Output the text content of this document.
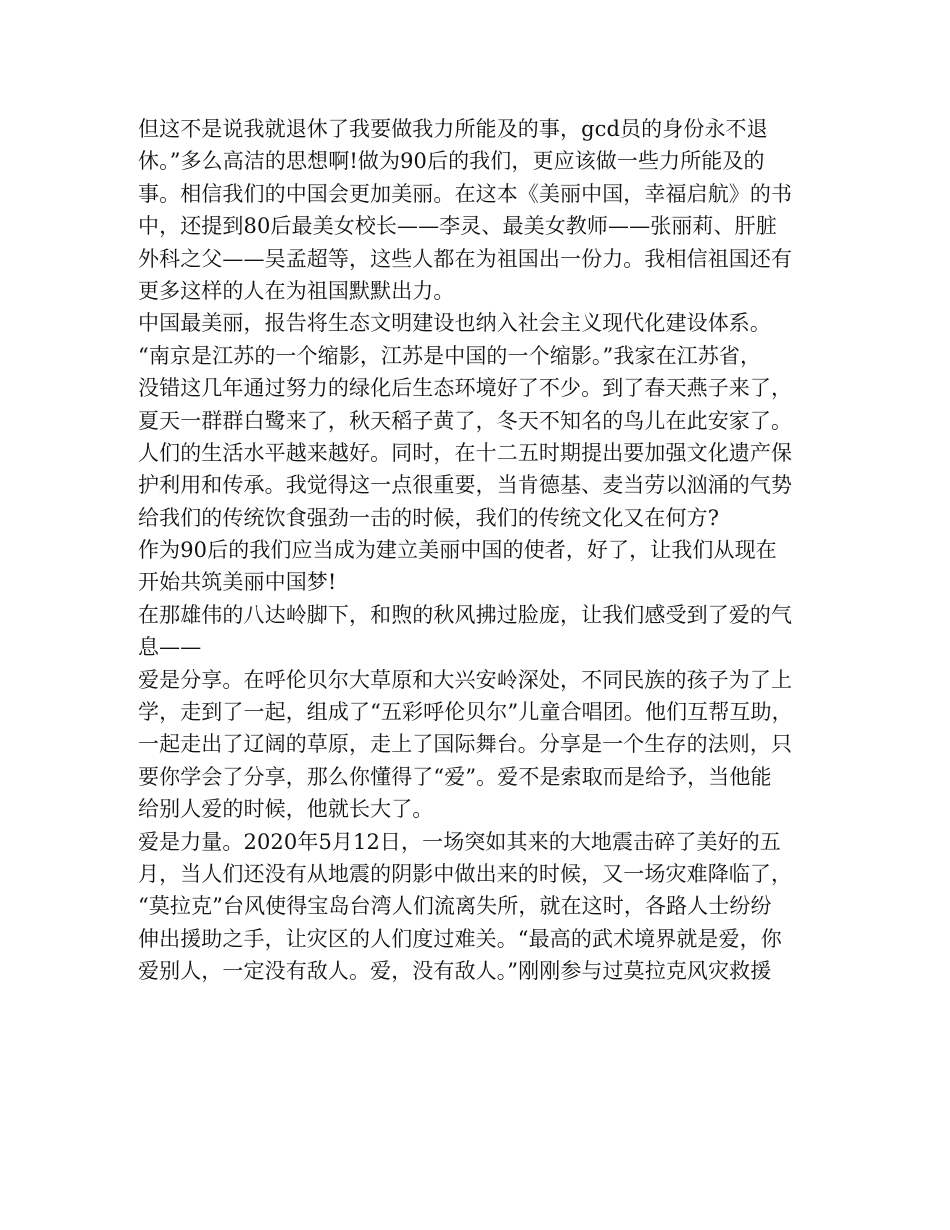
但这不是说我就退休了我要做我力所能及的事，gcd员的身份永不退
休。”多么高洁的思想啊!做为90后的我们，更应该做一些力所能及的
事。相信我们的中国会更加美丽。在这本《美丽中国，幸福启航》的书
中，还提到80后最美女校长——李灵、最美女教师——张丽莉、肝脏
外科之父——吴孟超等，这些人都在为祖国出一份力。我相信祖国还有
更多这样的人在为祖国默默出力。
中国最美丽，报告将生态文明建设也纳入社会主义现代化建设体系。
“南京是江苏的一个缩影，江苏是中国的一个缩影。”我家在江苏省，
没错这几年通过努力的绿化后生态环境好了不少。到了春天燕子来了，
夏天一群群白鹭来了，秋天稻子黄了，冬天不知名的鸟儿在此安家了。
人们的生活水平越来越好。同时，在十二五时期提出要加强文化遗产保
护利用和传承。我觉得这一点很重要，当肯德基、麦当劳以汹涌的气势
给我们的传统饮食强劲一击的时候，我们的传统文化又在何方?
作为90后的我们应当成为建立美丽中国的使者，好了，让我们从现在
开始共筑美丽中国梦!
在那雄伟的八达岭脚下，和煦的秋风拂过脸庞，让我们感受到了爱的气
息——
爱是分享。在呼伦贝尔大草原和大兴安岭深处，不同民族的孩子为了上
学，走到了一起，组成了“五彩呼伦贝尔”儿童合唱团。他们互帮互助，
一起走出了辽阔的草原，走上了国际舞台。分享是一个生存的法则，只
要你学会了分享，那么你懂得了“爱”。爱不是索取而是给予，当他能
给别人爱的时候，他就长大了。
爱是力量。2020年5月12日，一场突如其来的大地震击碎了美好的五
月，当人们还没有从地震的阴影中做出来的时候，又一场灾难降临了，
“莫拉克”台风使得宝岛台湾人们流离失所，就在这时，各路人士纷纷
伸出援助之手，让灾区的人们度过难关。“最高的武术境界就是爱，你
爱别人，一定没有敌人。爱，没有敌人。”刚刚参与过莫拉克风灾救援
